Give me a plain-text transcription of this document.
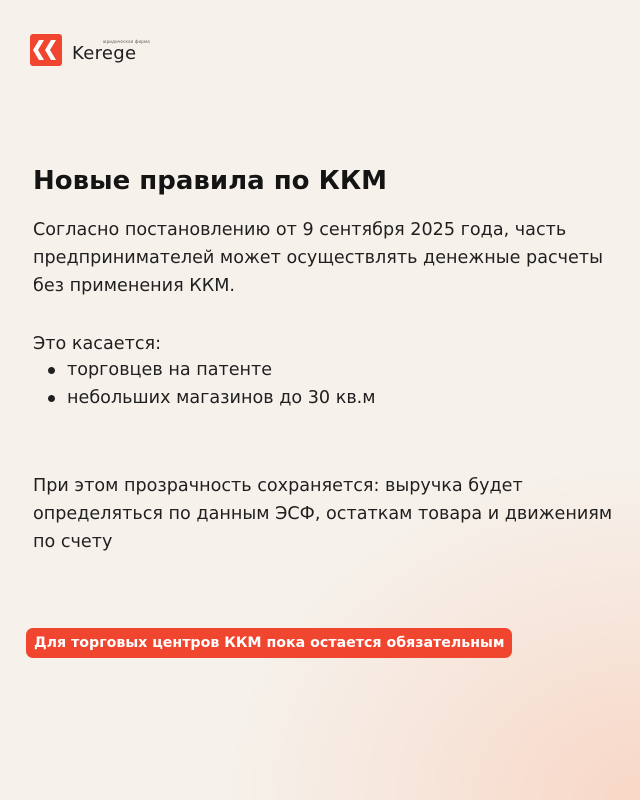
юридическая фирма
Kerege
Новые правила по ККМ

Согласно постановлению от 9 сентября 2025 года, часть предпринимателей может осуществлять денежные расчеты без применения ККМ.

Это касается:

торговцев на патенте
небольших магазинов до 30 кв.м

При этом прозрачность сохраняется: выручка будет определяться по данным ЭСФ, остаткам товара и движениям по счету

Для торговых центров ККМ пока остается обязательным
